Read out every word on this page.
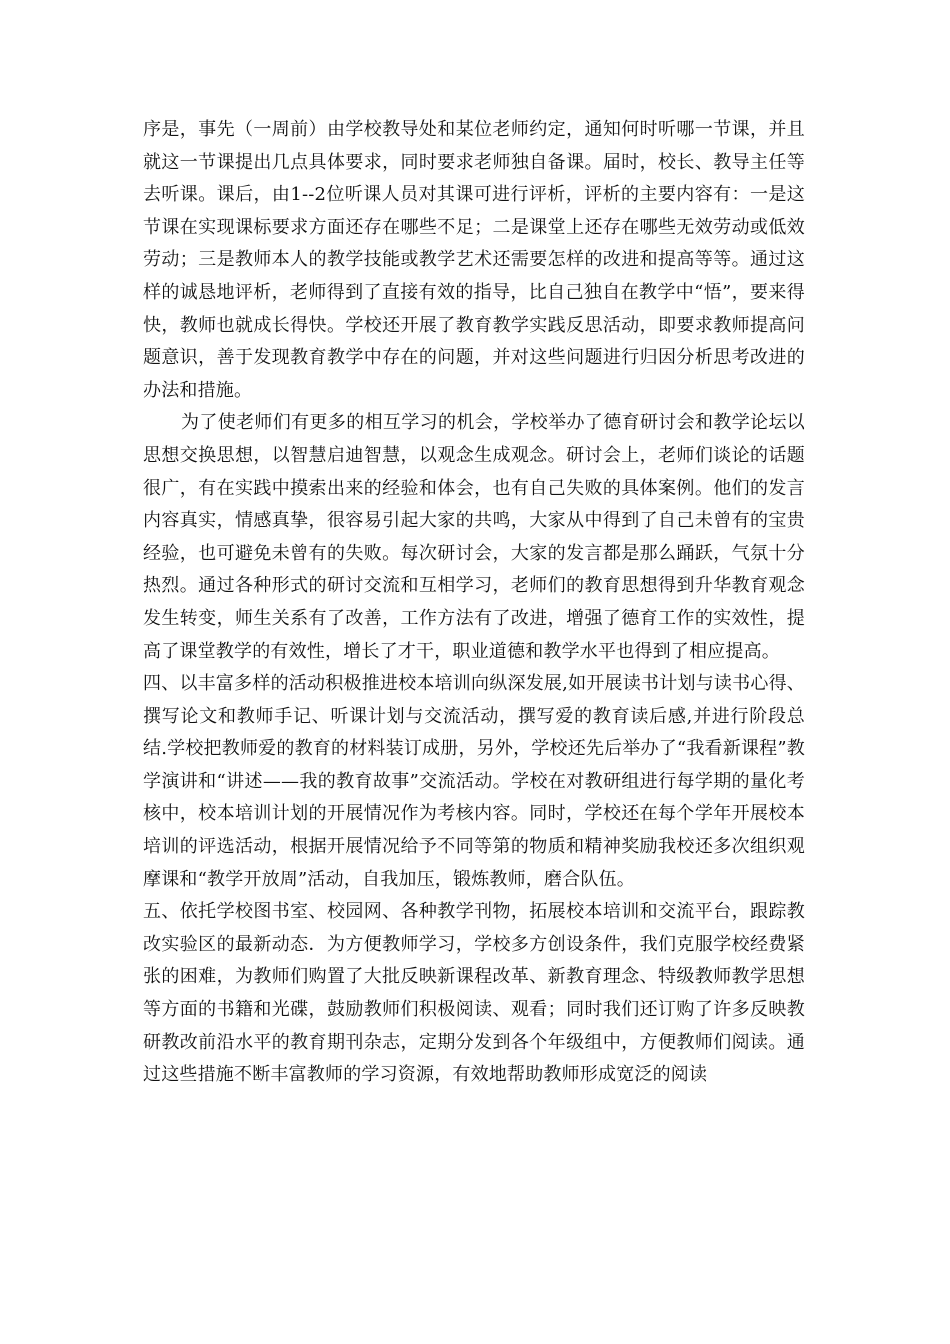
序是，事先（一周前）由学校教导处和某位老师约定，通知何时听哪一节课，并且就这一节课提出几点具体要求，同时要求老师独自备课。届时，校长、教导主任等去听课。课后，由1--2位听课人员对其课可进行评析，评析的主要内容有：一是这节课在实现课标要求方面还存在哪些不足；二是课堂上还存在哪些无效劳动或低效劳动；三是教师本人的教学技能或教学艺术还需要怎样的改进和提高等等。通过这样的诚恳地评析，老师得到了直接有效的指导，比自己独自在教学中“悟”，要来得快，教师也就成长得快。学校还开展了教育教学实践反思活动，即要求教师提高问题意识，善于发现教育教学中存在的问题，并对这些问题进行归因分析思考改进的办法和措施。

为了使老师们有更多的相互学习的机会，学校举办了德育研讨会和教学论坛以思想交换思想，以智慧启迪智慧，以观念生成观念。研讨会上，老师们谈论的话题很广，有在实践中摸索出来的经验和体会，也有自己失败的具体案例。他们的发言内容真实，情感真挚，很容易引起大家的共鸣，大家从中得到了自己未曾有的宝贵经验，也可避免未曾有的失败。每次研讨会，大家的发言都是那么踊跃，气氛十分热烈。通过各种形式的研讨交流和互相学习，老师们的教育思想得到升华教育观念发生转变，师生关系有了改善，工作方法有了改进，增强了德育工作的实效性，提高了课堂教学的有效性，增长了才干，职业道德和教学水平也得到了相应提高。

四、以丰富多样的活动积极推进校本培训向纵深发展,如开展读书计划与读书心得、撰写论文和教师手记、听课计划与交流活动，撰写爱的教育读后感,并进行阶段总结.学校把教师爱的教育的材料装订成册，另外，学校还先后举办了“我看新课程”教学演讲和“讲述——我的教育故事”交流活动。学校在对教研组进行每学期的量化考核中，校本培训计划的开展情况作为考核内容。同时，学校还在每个学年开展校本培训的评选活动，根据开展情况给予不同等第的物质和精神奖励我校还多次组织观摩课和“教学开放周”活动，自我加压，锻炼教师，磨合队伍。

五、依托学校图书室、校园网、各种教学刊物，拓展校本培训和交流平台，跟踪教改实验区的最新动态．为方便教师学习，学校多方创设条件，我们克服学校经费紧张的困难，为教师们购置了大批反映新课程改革、新教育理念、特级教师教学思想等方面的书籍和光碟，鼓励教师们积极阅读、观看；同时我们还订购了许多反映教研教改前沿水平的教育期刊杂志，定期分发到各个年级组中，方便教师们阅读。通过这些措施不断丰富教师的学习资源，有效地帮助教师形成宽泛的阅读
